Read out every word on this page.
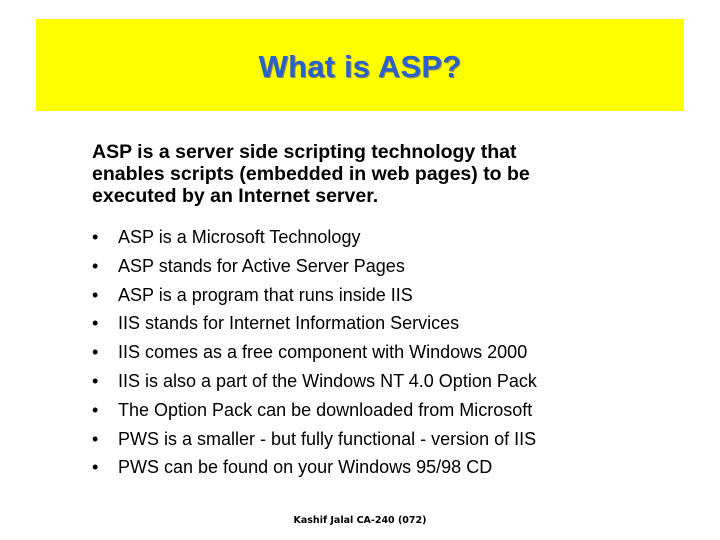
What is ASP?
ASP is a server side scripting technology that
enables scripts (embedded in web pages) to be
executed by an Internet server.
•	ASP is a Microsoft Technology
•	ASP stands for Active Server Pages
•	ASP is a program that runs inside IIS
•	IIS stands for Internet Information Services
•	IIS comes as a free component with Windows 2000
•	IIS is also a part of the Windows NT 4.0 Option Pack
•	The Option Pack can be downloaded from Microsoft
•	PWS is a smaller - but fully functional - version of IIS
•	PWS can be found on your Windows 95/98 CD
Kashif Jalal CA-240 (072)
